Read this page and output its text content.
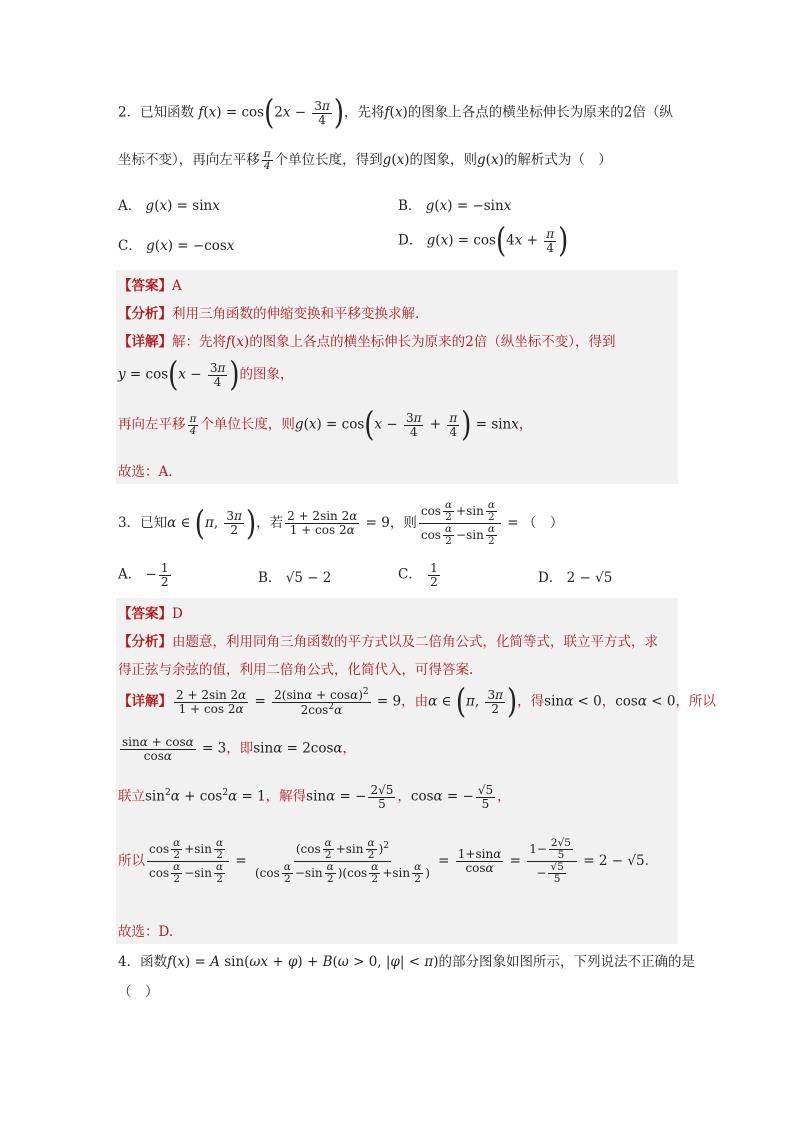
2．已知函数 $f(x) = \cos(2x - \frac{3\pi}{4}$ )，先将f(x)的图象上各点的横坐标伸长为原来的2倍（纵
坐标不变），再向左平移 $\frac{\pi}{4}$ 个单位长度，得到g(x)的图象，则g(x)的解析式为（　）
A． g(x) = sinx	B． g(x) = −sinx
C． g(x) = −cosx	D． $g(x) = \cos(4x + \frac{\pi}{4}$ )
【答案】A
【分析】利用三角函数的伸缩变换和平移变换求解.
【详解】解：先将f(x)的图象上各点的横坐标伸长为原来的2倍（纵坐标不变），得到
$y = \cos(x - \frac{3\pi}{4}$ )的图象，
再向左平移 $\frac{\pi}{4}$ 个单位长度，则$g(x) = \cos(x - \frac{3\pi}{4} + \frac{\pi}{4}$ ) = sinx，
故选：A.
3．已知α ∈ (π, $\frac{3\pi}{2}$ )，若 $\frac{2 + 2\sin 2\alpha}{1 + \cos 2\alpha} = 9$，则 $\frac{\cos \frac{\alpha}{2} +\sin \frac{\alpha}{2}}{\cos \frac{\alpha}{2} -\sin \frac{\alpha}{2}}$ = （　）
A． − $\frac{1}{2}$	B． √5 − 2	C． $\frac{1}{2}$	D． 2 − √5
【答案】D
【分析】由题意，利用同角三角函数的平方式以及二倍角公式，化简等式，联立平方式，求
得正弦与余弦的值，利用二倍角公式，化简代入，可得答案.
【详解】 $\frac{2 + 2\sin 2\alpha}{1 + \cos 2\alpha} = \frac{2(\sin\alpha + \cos\alpha)^2}{2\cos^2\alpha} = 9$，由α ∈ (π, $\frac{3\pi}{2}$ )，得sinα < 0，cosα < 0，所以
$\frac{\sin\alpha + \cos\alpha}{\cos\alpha} = 3$，即sinα = 2cosα，
联立$\sin^2\alpha + \cos^2\alpha = 1$，解得sinα = − $\frac{2√5}{5}$ ，cosα = − $\frac{√5}{5}$ ，
所以 $\frac{\cos \frac{\alpha}{2} +\sin \frac{\alpha}{2}}{\cos \frac{\alpha}{2} -\sin \frac{\alpha}{2}} = \frac{(\cos \frac{\alpha}{2} +\sin \frac{\alpha}{2} )^2}{(\cos \frac{\alpha}{2} -\sin \frac{\alpha}{2} )(\cos \frac{\alpha}{2} +\sin \frac{\alpha}{2} )} = \frac{1+\sin\alpha}{\cos\alpha} = \frac{1- \frac{2√5}{5}}{- \frac{√5}{5}} = 2 - √5$.
故选：D.
4．函数f(x) = A sin(ωx + φ) + B(ω > 0, |φ| < π)的部分图象如图所示，下列说法不正确的是
（　）
